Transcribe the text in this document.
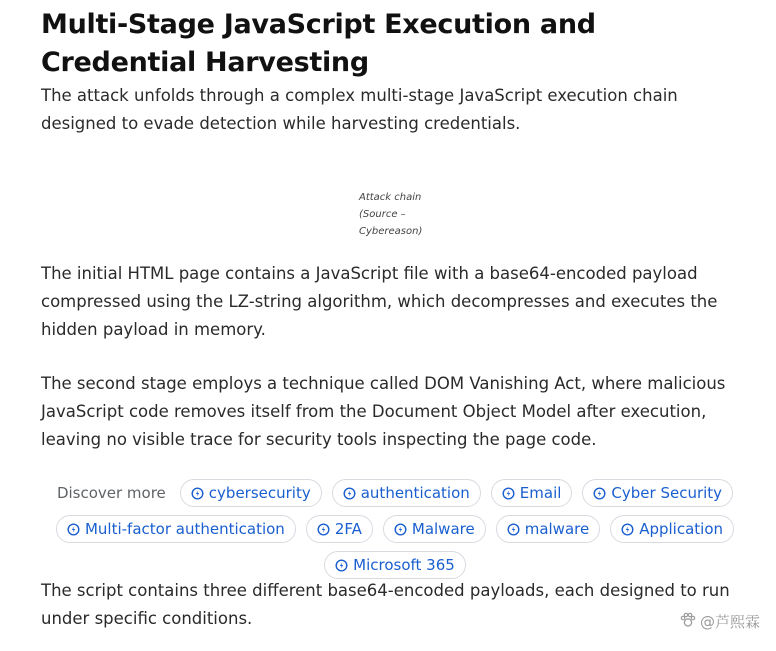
Multi-Stage JavaScript Execution and Credential Harvesting

The attack unfolds through a complex multi-stage JavaScript execution chain designed to evade detection while harvesting credentials.

Attack chain (Source – Cybereason)

The initial HTML page contains a JavaScript file with a base64-encoded payload compressed using the LZ-string algorithm, which decompresses and executes the hidden payload in memory.

The second stage employs a technique called DOM Vanishing Act, where malicious JavaScript code removes itself from the Document Object Model after execution, leaving no visible trace for security tools inspecting the page code.

Discover more	cybersecurity	authentication	Email	Cyber Security
Multi-factor authentication	2FA	Malware	malware	Application
Microsoft 365

The script contains three different base64-encoded payloads, each designed to run under specific conditions.	@芦熙霖
